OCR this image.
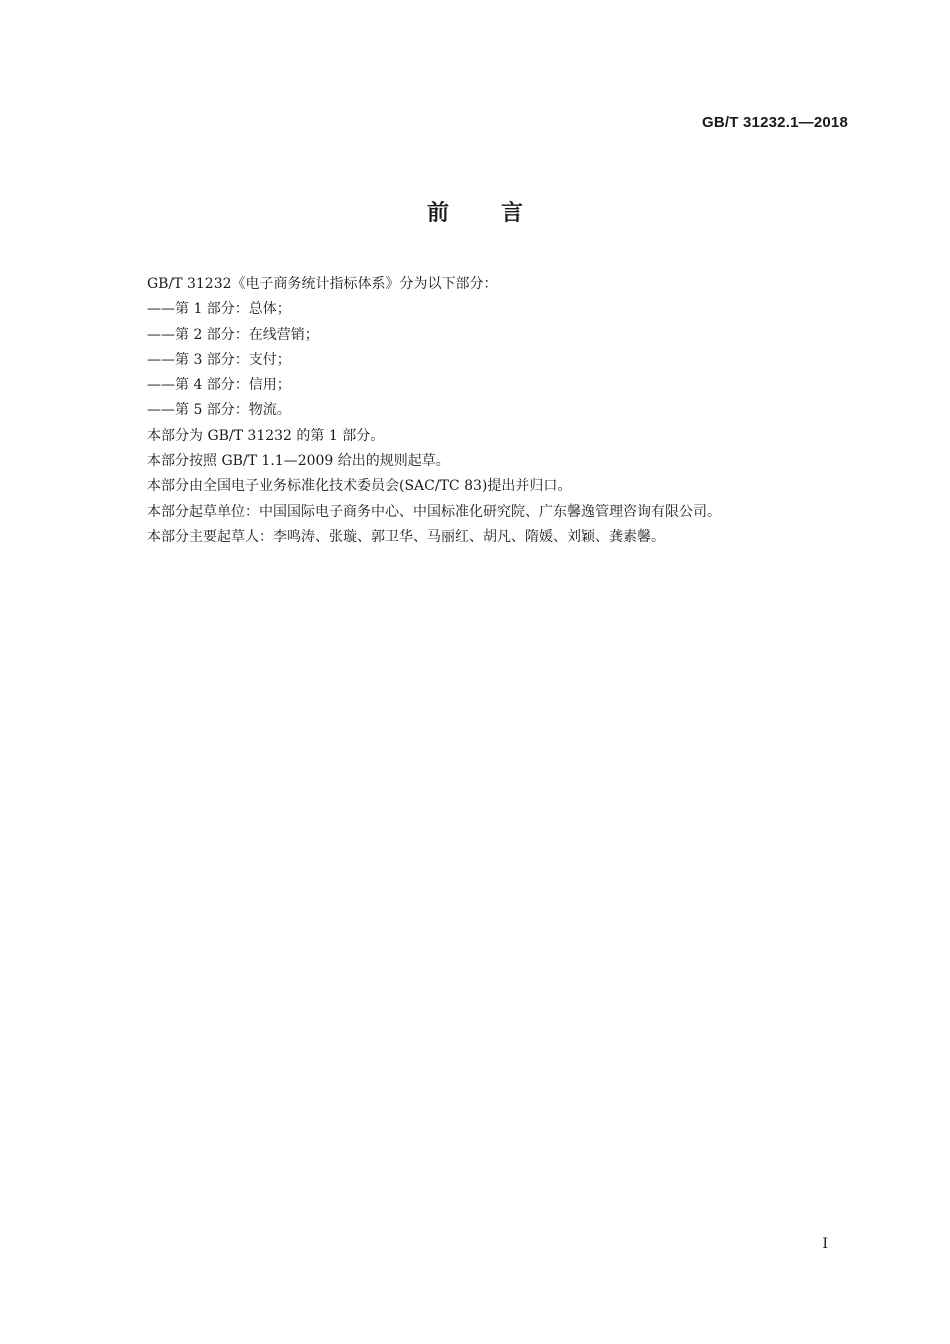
GB/T 31232.1—2018
前言

GB/T 31232《电子商务统计指标体系》分为以下部分：

——第 1 部分：总体；

——第 2 部分：在线营销；

——第 3 部分：支付；

——第 4 部分：信用；

——第 5 部分：物流。

本部分为 GB/T 31232 的第 1 部分。

本部分按照 GB/T 1.1—2009 给出的规则起草。

本部分由全国电子业务标准化技术委员会(SAC/TC 83)提出并归口。

本部分起草单位：中国国际电子商务中心、中国标准化研究院、广东馨逸管理咨询有限公司。

本部分主要起草人：李鸣涛、张璇、郭卫华、马丽红、胡凡、隋媛、刘颖、龚素馨。

I
